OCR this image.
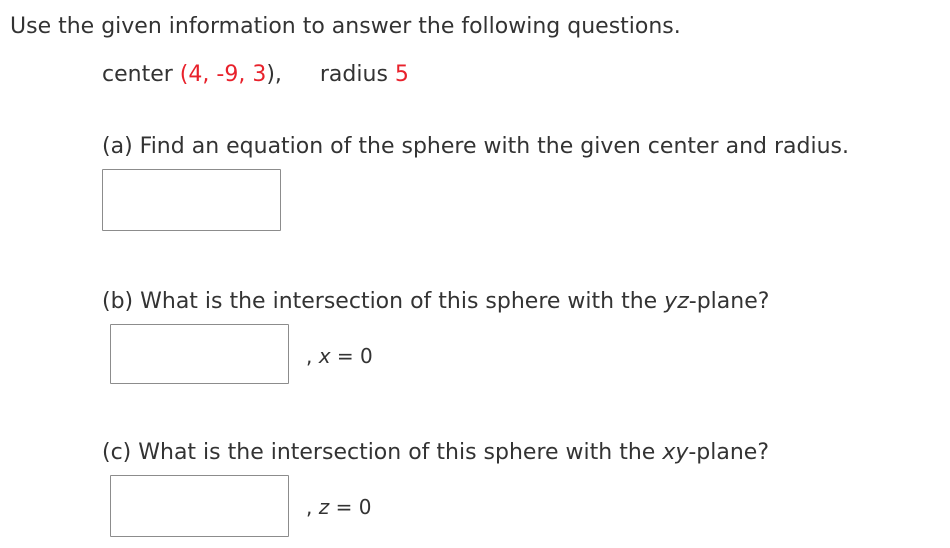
Use the given information to answer the following questions.
center (4, -9, 3), radius 5
(a) Find an equation of the sphere with the given center and radius.
(b) What is the intersection of this sphere with the yz-plane?
, x = 0
(c) What is the intersection of this sphere with the xy-plane?
, z = 0
